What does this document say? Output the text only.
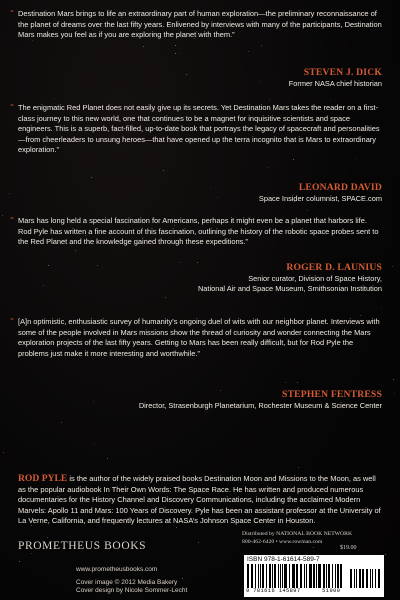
“ Destination Mars brings to life an extraordinary part of human exploration—the preliminary reconnaissance of the planet of dreams over the last fifty years. Enlivened by interviews with many of the participants, Destination Mars makes you feel as if you are exploring the planet with them.”
STEVEN J. DICK
Former NASA chief historian
“ The enigmatic Red Planet does not easily give up its secrets. Yet Destination Mars takes the reader on a first-class journey to this new world, one that continues to be a magnet for inquisitive scientists and space engineers. This is a superb, fact-filled, up-to-date book that portrays the legacy of spacecraft and personalities—from cheerleaders to unsung heroes—that have opened up the terra incognito that is Mars to extraordinary exploration.”
LEONARD DAVID
Space Insider columnist, SPACE.com
“ Mars has long held a special fascination for Americans, perhaps it might even be a planet that harbors life. Rod Pyle has written a fine account of this fascination, outlining the history of the robotic space probes sent to the Red Planet and the knowledge gained through these expeditions.”
ROGER D. LAUNIUS
Senior curator, Division of Space History,
National Air and Space Museum, Smithsonian Institution
“ [A]n optimistic, enthusiastic survey of humanity’s ongoing duel of wits with our neighbor planet. Interviews with some of the people involved in Mars missions show the thread of curiosity and wonder connecting the Mars exploration projects of the last fifty years. Getting to Mars has been really difficult, but for Rod Pyle the problems just make it more interesting and worthwhile.”
STEPHEN FENTRESS
Director, Strasenburgh Planetarium, Rochester Museum & Science Center
ROD PYLE is the author of the widely praised books Destination Moon and Missions to the Moon, as well as the popular audiobook In Their Own Words: The Space Race. He has written and produced numerous documentaries for the History Channel and Discovery Communications, including the acclaimed Modern Marvels: Apollo 11 and Mars: 100 Years of Discovery. Pyle has been an assistant professor at the University of La Verne, California, and frequently lectures at NASA’s Johnson Space Center in Houston.
PROMETHEUS BOOKS
www.prometheusbooks.com
Cover image © 2012 Media Bakery
Cover design by Nicole Sommer-Lecht
Distributed by NATIONAL BOOK NETWORK
800-462-6420 • www.rowman.com
$19.00
ISBN 978-1-61614-589-7
9 781616 145897	51900
